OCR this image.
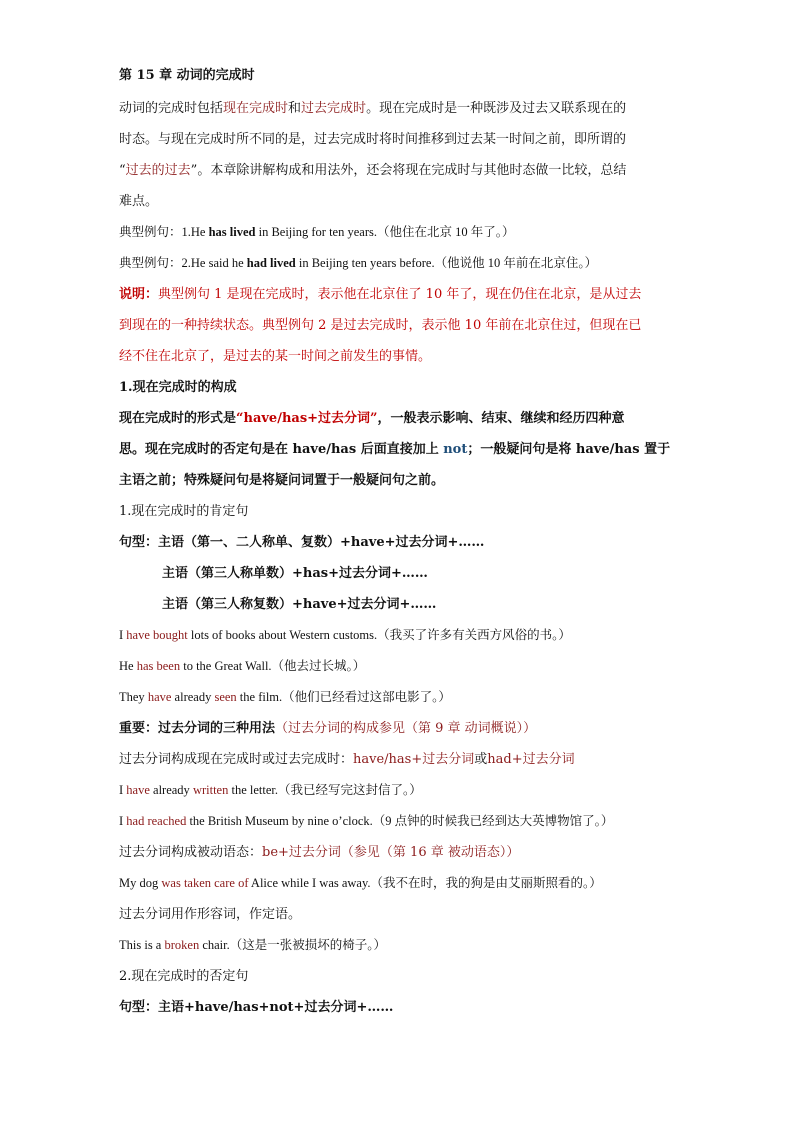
第 15 章 动词的完成时
动词的完成时包括现在完成时和过去完成时。现在完成时是一种既涉及过去又联系现在的
时态。与现在完成时所不同的是，过去完成时将时间推移到过去某一时间之前，即所谓的
“过去的过去”。本章除讲解构成和用法外，还会将现在完成时与其他时态做一比较，总结
难点。
典型例句：1.He has lived in Beijing for ten years.（他住在北京 10 年了。）
典型例句：2.He said he had lived in Beijing ten years before.（他说他 10 年前在北京住。）
说明：典型例句 1 是现在完成时，表示他在北京住了 10 年了，现在仍住在北京，是从过去
到现在的一种持续状态。典型例句 2 是过去完成时，表示他 10 年前在北京住过，但现在已
经不住在北京了，是过去的某一时间之前发生的事情。
1.现在完成时的构成
现在完成时的形式是“have/has+过去分词”，一般表示影响、结束、继续和经历四种意
思。现在完成时的否定句是在 have/has 后面直接加上 not；一般疑问句是将 have/has 置于
主语之前；特殊疑问句是将疑问词置于一般疑问句之前。
1.现在完成时的肯定句
句型：主语（第一、二人称单、复数）+have+过去分词+……
主语（第三人称单数）+has+过去分词+……
主语（第三人称复数）+have+过去分词+……
I have bought lots of books about Western customs.（我买了许多有关西方风俗的书。）
He has been to the Great Wall.（他去过长城。）
They have already seen the film.（他们已经看过这部电影了。）
重要：过去分词的三种用法（过去分词的构成参见（第 9 章 动词概说））
过去分词构成现在完成时或过去完成时：have/has+过去分词或had+过去分词
I have already written the letter.（我已经写完这封信了。）
I had reached the British Museum by nine o’clock.（9 点钟的时候我已经到达大英博物馆了。）
过去分词构成被动语态：be+过去分词（参见（第 16 章 被动语态））
My dog was taken care of Alice while I was away.（我不在时，我的狗是由艾丽斯照看的。）
过去分词用作形容词，作定语。
This is a broken chair.（这是一张被损坏的椅子。）
2.现在完成时的否定句
句型：主语+have/has+not+过去分词+……
